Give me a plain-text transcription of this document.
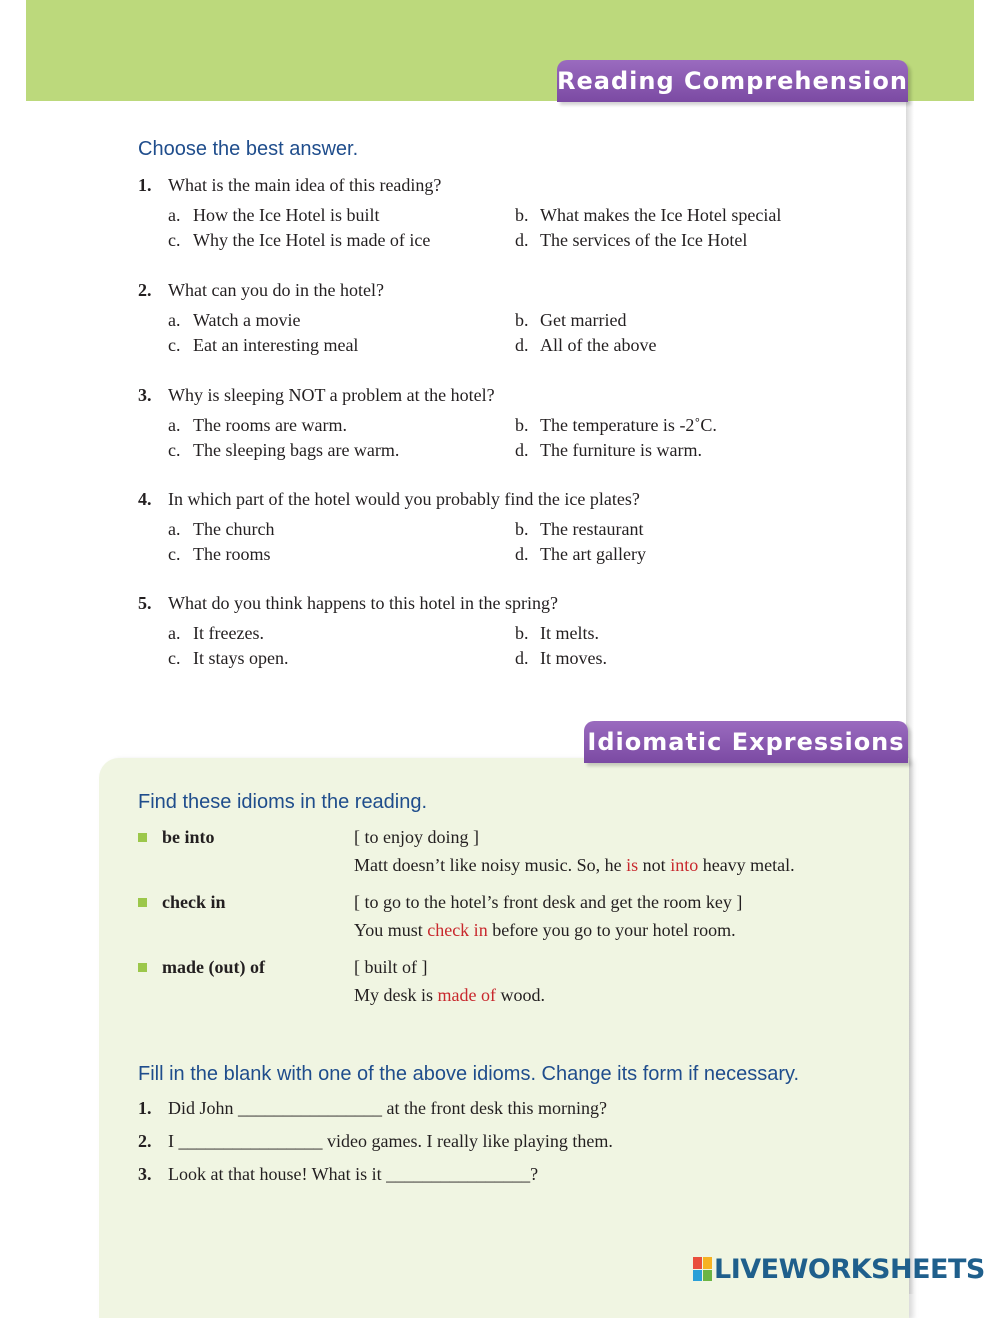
Reading Comprehension
Choose the best answer.
1. What is the main idea of this reading?
a. How the Ice Hotel is built	b. What makes the Ice Hotel special
c. Why the Ice Hotel is made of ice	d. The services of the Ice Hotel
2. What can you do in the hotel?
a. Watch a movie	b. Get married
c. Eat an interesting meal	d. All of the above
3. Why is sleeping NOT a problem at the hotel?
a. The rooms are warm.	b. The temperature is -2˚C.
c. The sleeping bags are warm.	d. The furniture is warm.
4. In which part of the hotel would you probably find the ice plates?
a. The church	b. The restaurant
c. The rooms	d. The art gallery
5. What do you think happens to this hotel in the spring?
a. It freezes.	b. It melts.
c. It stays open.	d. It moves.
Idiomatic Expressions
Find these idioms in the reading.
be into	[ to enjoy doing ]
Matt doesn’t like noisy music. So, he is not into heavy metal.
check in	[ to go to the hotel’s front desk and get the room key ]
You must check in before you go to your hotel room.
made (out) of	[ built of ]
My desk is made of wood.
Fill in the blank with one of the above idioms. Change its form if necessary.
1. Did John ________________ at the front desk this morning?
2. I ________________ video games. I really like playing them.
3. Look at that house! What is it ________________?
LIVEWORKSHEETS
